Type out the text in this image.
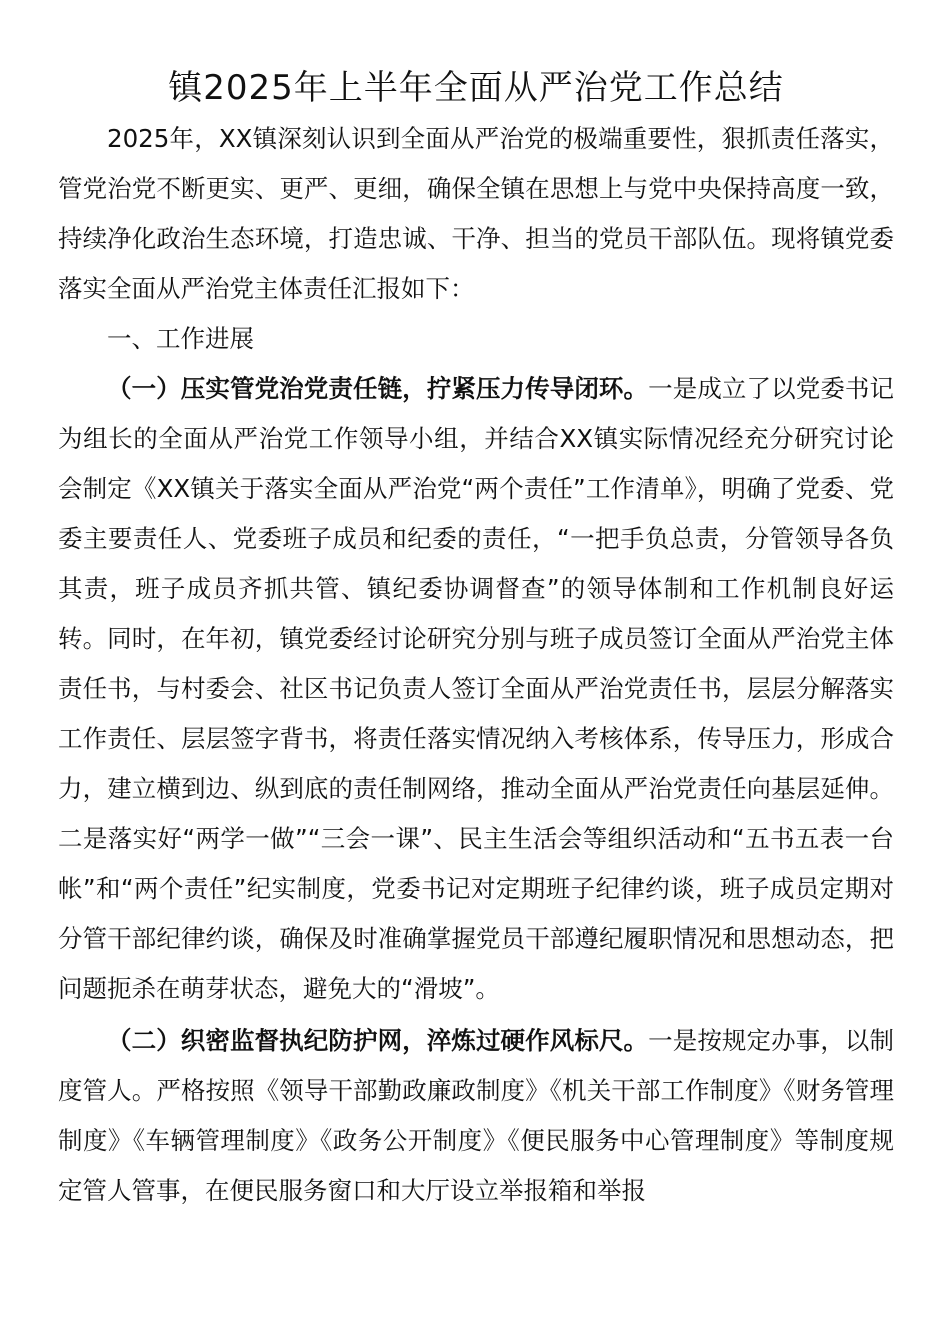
镇2025年上半年全面从严治党工作总结

2025年，XX镇深刻认识到全面从严治党的极端重要性，狠抓责任落实，管党治党不断更实、更严、更细，确保全镇在思想上与党中央保持高度一致，持续净化政治生态环境，打造忠诚、干净、担当的党员干部队伍。现将镇党委落实全面从严治党主体责任汇报如下：

一、工作进展

（一）压实管党治党责任链，拧紧压力传导闭环。一是成立了以党委书记为组长的全面从严治党工作领导小组，并结合XX镇实际情况经充分研究讨论会制定《XX镇关于落实全面从严治党“两个责任”工作清单》，明确了党委、党委主要责任人、党委班子成员和纪委的责任，“一把手负总责，分管领导各负其责，班子成员齐抓共管、镇纪委协调督查”的领导体制和工作机制良好运转。同时，在年初，镇党委经讨论研究分别与班子成员签订全面从严治党主体责任书，与村委会、社区书记负责人签订全面从严治党责任书，层层分解落实工作责任、层层签字背书，将责任落实情况纳入考核体系，传导压力，形成合力，建立横到边、纵到底的责任制网络，推动全面从严治党责任向基层延伸。二是落实好“两学一做”“三会一课”、民主生活会等组织活动和“五书五表一台帐”和“两个责任”纪实制度，党委书记对定期班子纪律约谈，班子成员定期对分管干部纪律约谈，确保及时准确掌握党员干部遵纪履职情况和思想动态，把问题扼杀在萌芽状态，避免大的“滑坡”。

（二）织密监督执纪防护网，淬炼过硬作风标尺。一是按规定办事，以制度管人。严格按照《领导干部勤政廉政制度》《机关干部工作制度》《财务管理制度》《车辆管理制度》《政务公开制度》《便民服务中心管理制度》等制度规定管人管事，在便民服务窗口和大厅设立举报箱和举报
